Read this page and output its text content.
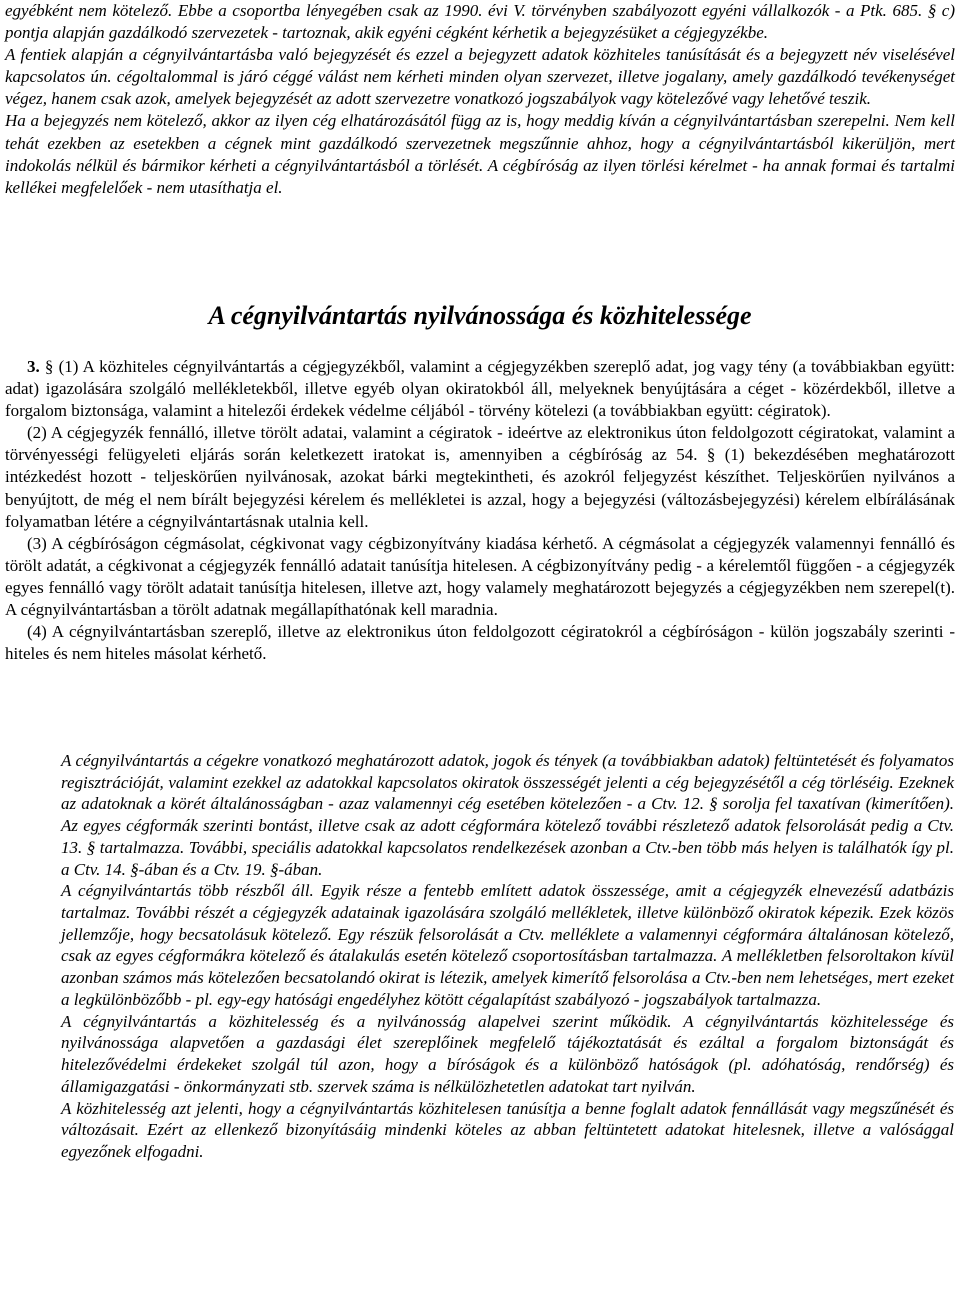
egyébként nem kötelező. Ebbe a csoportba lényegében csak az 1990. évi V. törvényben szabályozott egyéni vállalkozók - a Ptk. 685. § c) pontja alapján gazdálkodó szervezetek - tartoznak, akik egyéni cégként kérhetik a bejegyzésüket a cégjegyzékbe.

A fentiek alapján a cégnyilvántartásba való bejegyzését és ezzel a bejegyzett adatok közhiteles tanúsítását és a bejegyzett név viselésével kapcsolatos ún. cégoltalommal is járó céggé válást nem kérheti minden olyan szervezet, illetve jogalany, amely gazdálkodó tevékenységet végez, hanem csak azok, amelyek bejegyzését az adott szervezetre vonatkozó jogszabályok vagy kötelezővé vagy lehetővé teszik.

Ha a bejegyzés nem kötelező, akkor az ilyen cég elhatározásától függ az is, hogy meddig kíván a cégnyilvántartásban szerepelni. Nem kell tehát ezekben az esetekben a cégnek mint gazdálkodó szervezetnek megszűnnie ahhoz, hogy a cégnyilvántartásból kikerüljön, mert indokolás nélkül és bármikor kérheti a cégnyilvántartásból a törlését. A cégbíróság az ilyen törlési kérelmet - ha annak formai és tartalmi kellékei megfelelőek - nem utasíthatja el.

A cégnyilvántartás nyilvánossága és közhitelessége

3. § (1) A közhiteles cégnyilvántartás a cégjegyzékből, valamint a cégjegyzékben szereplő adat, jog vagy tény (a továbbiakban együtt: adat) igazolására szolgáló mellékletekből, illetve egyéb olyan okiratokból áll, melyeknek benyújtására a céget - közérdekből, illetve a forgalom biztonsága, valamint a hitelezői érdekek védelme céljából - törvény kötelezi (a továbbiakban együtt: cégiratok).

(2) A cégjegyzék fennálló, illetve törölt adatai, valamint a cégiratok - ideértve az elektronikus úton feldolgozott cégiratokat, valamint a törvényességi felügyeleti eljárás során keletkezett iratokat is, amennyiben a cégbíróság az 54. § (1) bekezdésében meghatározott intézkedést hozott - teljeskörűen nyilvánosak, azokat bárki megtekintheti, és azokról feljegyzést készíthet. Teljeskörűen nyilvános a benyújtott, de még el nem bírált bejegyzési kérelem és mellékletei is azzal, hogy a bejegyzési (változásbejegyzési) kérelem elbírálásának folyamatban létére a cégnyilvántartásnak utalnia kell.

(3) A cégbíróságon cégmásolat, cégkivonat vagy cégbizonyítvány kiadása kérhető. A cégmásolat a cégjegyzék valamennyi fennálló és törölt adatát, a cégkivonat a cégjegyzék fennálló adatait tanúsítja hitelesen. A cégbizonyítvány pedig - a kérelemtől függően - a cégjegyzék egyes fennálló vagy törölt adatait tanúsítja hitelesen, illetve azt, hogy valamely meghatározott bejegyzés a cégjegyzékben nem szerepel(t). A cégnyilvántartásban a törölt adatnak megállapíthatónak kell maradnia.

(4) A cégnyilvántartásban szereplő, illetve az elektronikus úton feldolgozott cégiratokról a cégbíróságon - külön jogszabály szerinti - hiteles és nem hiteles másolat kérhető.

A cégnyilvántartás a cégekre vonatkozó meghatározott adatok, jogok és tények (a továbbiakban adatok) feltüntetését és folyamatos regisztrációját, valamint ezekkel az adatokkal kapcsolatos okiratok összességét jelenti a cég bejegyzésétől a cég törléséig. Ezeknek az adatoknak a körét általánosságban - azaz valamennyi cég esetében kötelezően - a Ctv. 12. § sorolja fel taxatívan (kimerítően). Az egyes cégformák szerinti bontást, illetve csak az adott cégformára kötelező további részletező adatok felsorolását pedig a Ctv. 13. § tartalmazza. További, speciális adatokkal kapcsolatos rendelkezések azonban a Ctv.-ben több más helyen is találhatók így pl. a Ctv. 14. §-ában és a Ctv. 19. §-ában.

A cégnyilvántartás több részből áll. Egyik része a fentebb említett adatok összessége, amit a cégjegyzék elnevezésű adatbázis tartalmaz. További részét a cégjegyzék adatainak igazolására szolgáló mellékletek, illetve különböző okiratok képezik. Ezek közös jellemzője, hogy becsatolásuk kötelező. Egy részük felsorolását a Ctv. melléklete a valamennyi cégformára általánosan kötelező, csak az egyes cégformákra kötelező és átalakulás esetén kötelező csoportosításban tartalmazza. A mellékletben felsoroltakon kívül azonban számos más kötelezően becsatolandó okirat is létezik, amelyek kimerítő felsorolása a Ctv.-ben nem lehetséges, mert ezeket a legkülönbözőbb - pl. egy-egy hatósági engedélyhez kötött cégalapítást szabályozó - jogszabályok tartalmazza.

A cégnyilvántartás a közhitelesség és a nyilvánosság alapelvei szerint működik. A cégnyilvántartás közhitelessége és nyilvánossága alapvetően a gazdasági élet szereplőinek megfelelő tájékoztatását és ezáltal a forgalom biztonságát és hitelezővédelmi érdekeket szolgál túl azon, hogy a bíróságok és a különböző hatóságok (pl. adóhatóság, rendőrség) és államigazgatási - önkormányzati stb. szervek száma is nélkülözhetetlen adatokat tart nyilván.

A közhitelesség azt jelenti, hogy a cégnyilvántartás közhitelesen tanúsítja a benne foglalt adatok fennállását vagy megszűnését és változásait. Ezért az ellenkező bizonyításáig mindenki köteles az abban feltüntetett adatokat hitelesnek, illetve a valósággal egyezőnek elfogadni.
